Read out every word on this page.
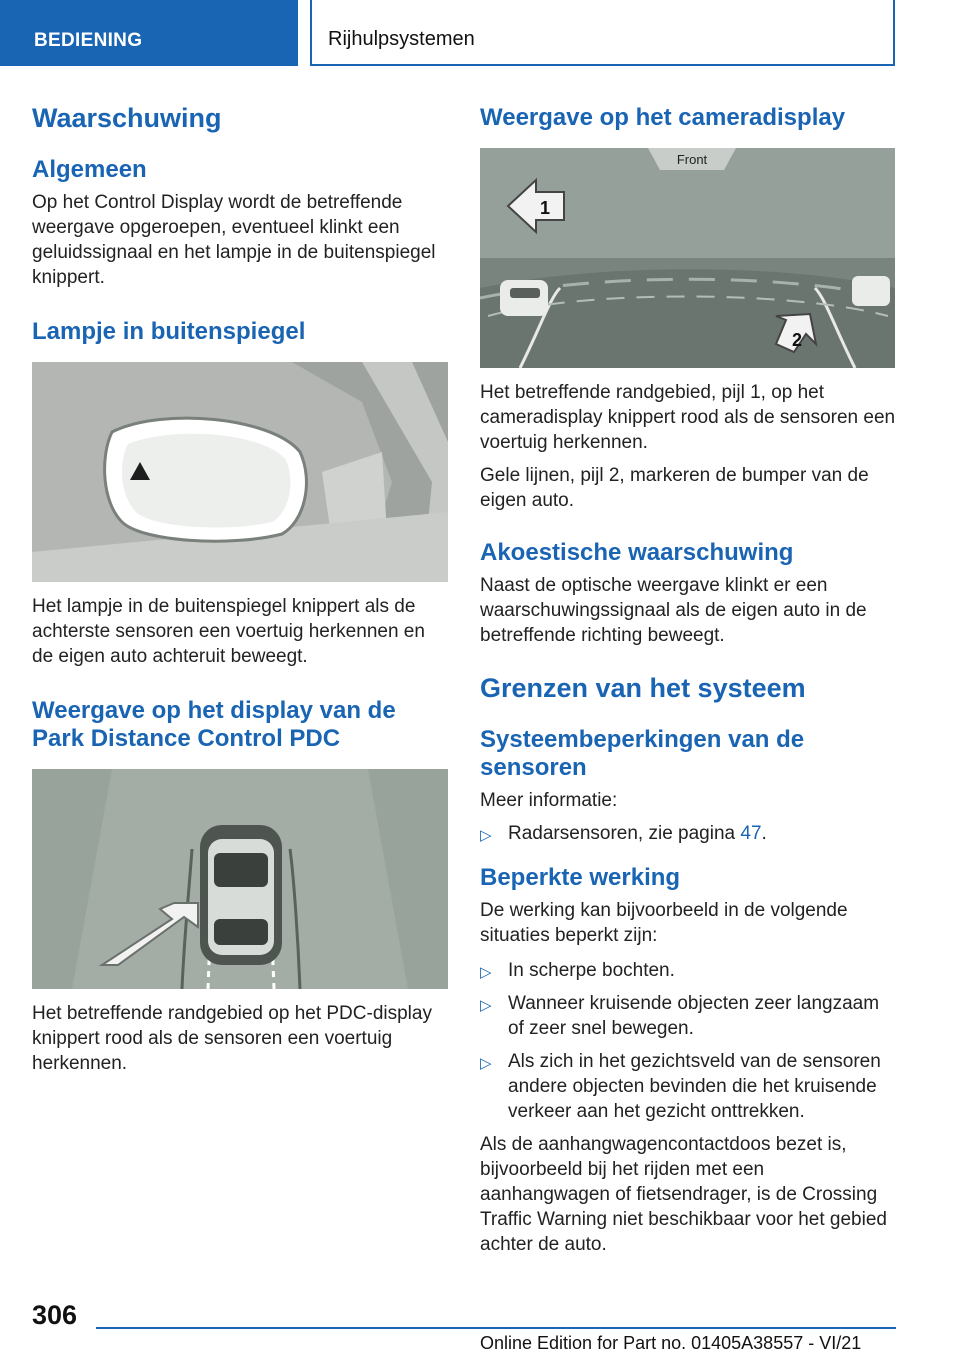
BEDIENING	Rijhulpsystemen
Waarschuwing
Algemeen

Op het Control Display wordt de betreffende weergave opgeroepen, eventueel klinkt een geluidssignaal en het lampje in de buitenspiegel knippert.

Lampje in buitenspiegel

Het lampje in de buitenspiegel knippert als de achterste sensoren een voertuig herkennen en de eigen auto achteruit beweegt.

Weergave op het display van de Park Distance Control PDC

Het betreffende randgebied op het PDC-display knippert rood als de sensoren een voertuig herkennen.

Weergave op het cameradisplay
Front
1
2

Het betreffende randgebied, pijl 1, op het cameradisplay knippert rood als de sensoren een voertuig herkennen.

Gele lijnen, pijl 2, markeren de bumper van de eigen auto.

Akoestische waarschuwing

Naast de optische weergave klinkt er een waarschuwingssignaal als de eigen auto in de betreffende richting beweegt.

Grenzen van het systeem
Systeembeperkingen van de sensoren

Meer informatie:

▷ Radarsensoren, zie pagina 47.
Beperkte werking

De werking kan bijvoorbeeld in de volgende situaties beperkt zijn:

▷ In scherpe bochten.
▷ Wanneer kruisende objecten zeer langzaam of zeer snel bewegen.
▷ Als zich in het gezichtsveld van de sensoren andere objecten bevinden die het kruisende verkeer aan het gezicht onttrekken.

Als de aanhangwagencontactdoos bezet is, bijvoorbeeld bij het rijden met een aanhangwagen of fietsendrager, is de Crossing Traffic Warning niet beschikbaar voor het gebied achter de auto.

306
Online Edition for Part no. 01405A38557 - VI/21
